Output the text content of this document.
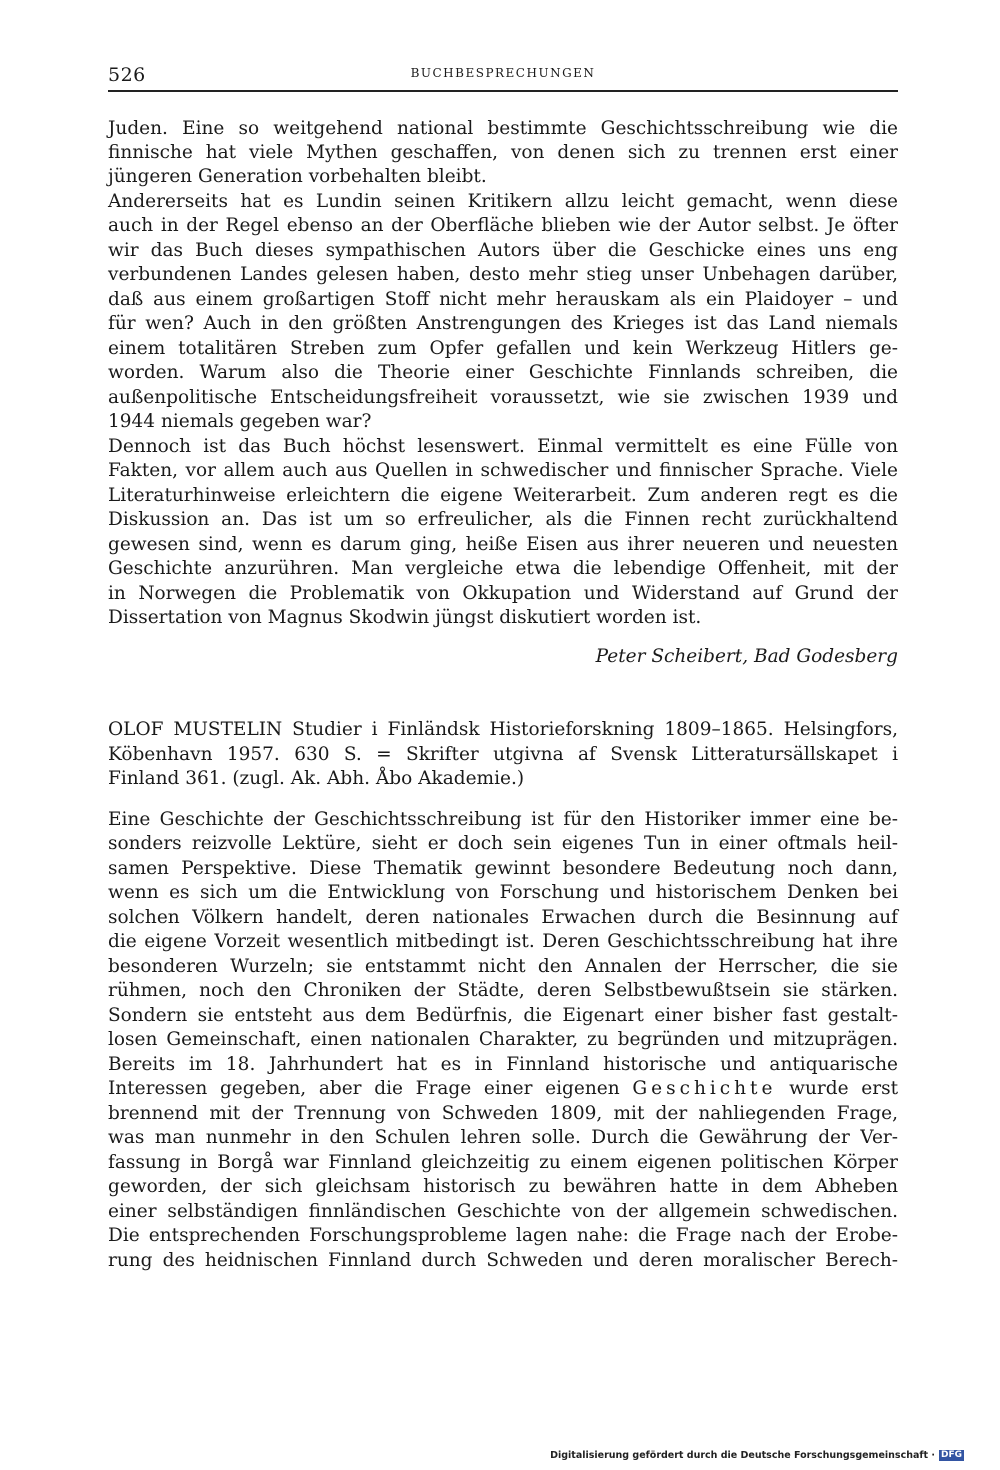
526	BUCHBESPRECHUNGEN
Juden. Eine so weitgehend national bestimmte Geschichtsschreibung wie die
finnische hat viele Mythen geschaffen, von denen sich zu trennen erst einer
jüngeren Generation vorbehalten bleibt.
Andererseits hat es Lundin seinen Kritikern allzu leicht gemacht, wenn diese
auch in der Regel ebenso an der Oberfläche blieben wie der Autor selbst. Je öfter
wir das Buch dieses sympathischen Autors über die Geschicke eines uns eng
verbundenen Landes gelesen haben, desto mehr stieg unser Unbehagen darüber,
daß aus einem großartigen Stoff nicht mehr herauskam als ein Plaidoyer – und
für wen? Auch in den größten Anstrengungen des Krieges ist das Land niemals
einem totalitären Streben zum Opfer gefallen und kein Werkzeug Hitlers ge-
worden. Warum also die Theorie einer Geschichte Finnlands schreiben, die
außenpolitische Entscheidungsfreiheit voraussetzt, wie sie zwischen 1939 und
1944 niemals gegeben war?
Dennoch ist das Buch höchst lesenswert. Einmal vermittelt es eine Fülle von
Fakten, vor allem auch aus Quellen in schwedischer und finnischer Sprache. Viele
Literaturhinweise erleichtern die eigene Weiterarbeit. Zum anderen regt es die
Diskussion an. Das ist um so erfreulicher, als die Finnen recht zurückhaltend
gewesen sind, wenn es darum ging, heiße Eisen aus ihrer neueren und neuesten
Geschichte anzurühren. Man vergleiche etwa die lebendige Offenheit, mit der
in Norwegen die Problematik von Okkupation und Widerstand auf Grund der
Dissertation von Magnus Skodwin jüngst diskutiert worden ist.
Peter Scheibert, Bad Godesberg
OLOF MUSTELIN Studier i Finländsk Historieforskning 1809–1865. Helsingfors,
Köbenhavn 1957. 630 S. = Skrifter utgivna af Svensk Litteratursällskapet i
Finland 361. (zugl. Ak. Abh. Åbo Akademie.)
Eine Geschichte der Geschichtsschreibung ist für den Historiker immer eine be-
sonders reizvolle Lektüre, sieht er doch sein eigenes Tun in einer oftmals heil-
samen Perspektive. Diese Thematik gewinnt besondere Bedeutung noch dann,
wenn es sich um die Entwicklung von Forschung und historischem Denken bei
solchen Völkern handelt, deren nationales Erwachen durch die Besinnung auf
die eigene Vorzeit wesentlich mitbedingt ist. Deren Geschichtsschreibung hat ihre
besonderen Wurzeln; sie entstammt nicht den Annalen der Herrscher, die sie
rühmen, noch den Chroniken der Städte, deren Selbstbewußtsein sie stärken.
Sondern sie entsteht aus dem Bedürfnis, die Eigenart einer bisher fast gestalt-
losen Gemeinschaft, einen nationalen Charakter, zu begründen und mitzuprägen.
Bereits im 18. Jahrhundert hat es in Finnland historische und antiquarische
Interessen gegeben, aber die Frage einer eigenen Geschichte wurde erst
brennend mit der Trennung von Schweden 1809, mit der nahliegenden Frage,
was man nunmehr in den Schulen lehren solle. Durch die Gewährung der Ver-
fassung in Borgå war Finnland gleichzeitig zu einem eigenen politischen Körper
geworden, der sich gleichsam historisch zu bewähren hatte in dem Abheben
einer selbständigen finnländischen Geschichte von der allgemein schwedischen.
Die entsprechenden Forschungsprobleme lagen nahe: die Frage nach der Erobe-
rung des heidnischen Finnland durch Schweden und deren moralischer Berech-
Digitalisierung gefördert durch die Deutsche Forschungsgemeinschaft · DFG
